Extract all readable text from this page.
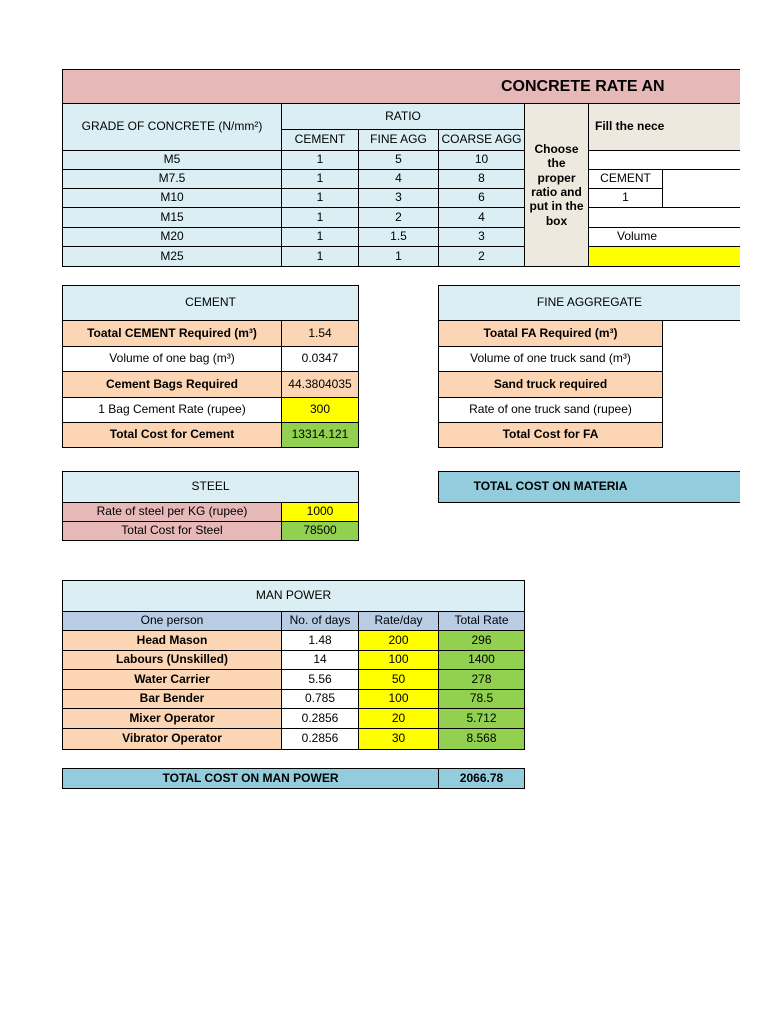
CONCRETE RATE AN
GRADE OF CONCRETE (N/mm²)
RATIO
CEMENT	FINE AGG	COARSE AGG
M5	1	5	10
M7.5	1	4	8
M10	1	3	6
M15	1	2	4
M20	1	1.5	3
M25	1	1	2
Choose the proper ratio and put in the box
Fill the nece
CEMENT
1
Volume
CEMENT
Toatal CEMENT Required (m³)	1.54
Volume of one bag (m³)	0.0347
Cement Bags Required	44.3804035
1 Bag Cement Rate (rupee)	300
Total Cost for Cement	13314.121
FINE AGGREGATE
Toatal FA Required (m³)
Volume of one truck sand (m³)
Sand truck required
Rate of one truck sand (rupee)
Total Cost for FA
STEEL
Rate of steel per KG (rupee)	1000
Total Cost for Steel	78500
TOTAL COST ON MATERIA
MAN POWER
One person	No. of days	Rate/day	Total Rate
Head Mason	1.48	200	296
Labours (Unskilled)	14	100	1400
Water Carrier	5.56	50	278
Bar Bender	0.785	100	78.5
Mixer Operator	0.2856	20	5.712
Vibrator Operator	0.2856	30	8.568
TOTAL COST ON MAN POWER	2066.78
